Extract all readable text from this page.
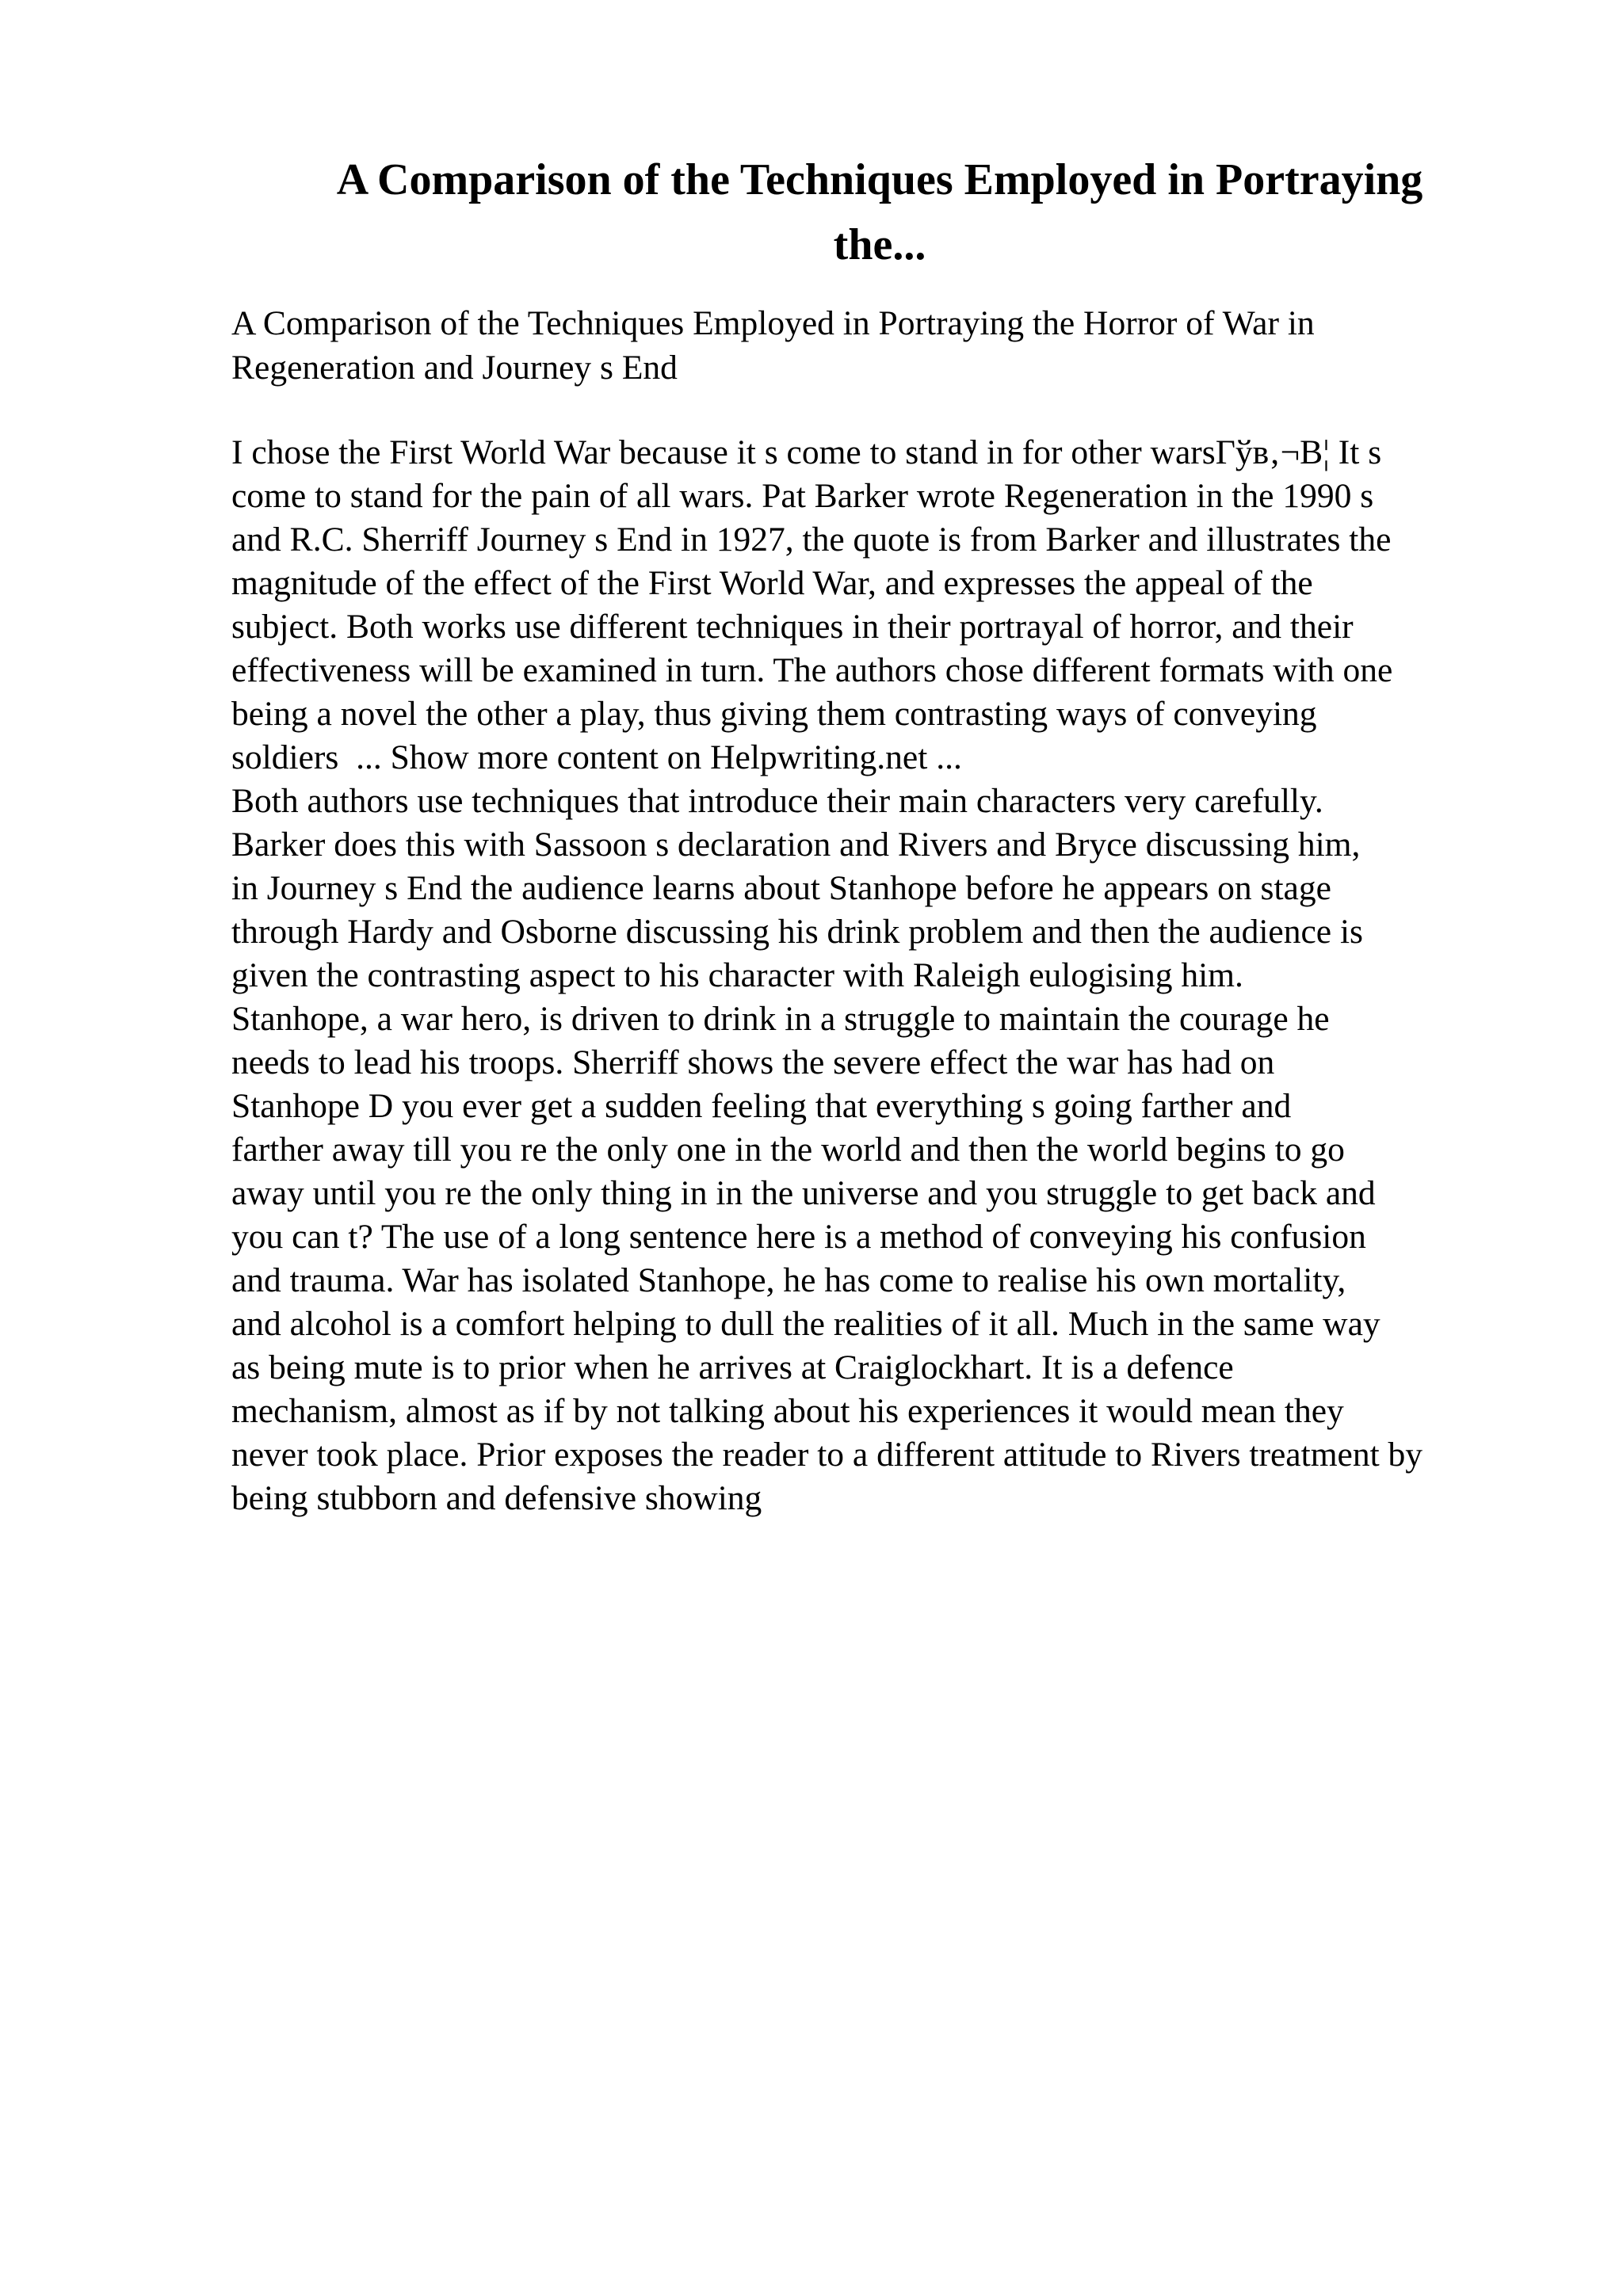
A Comparison of the Techniques Employed in Portraying
the...

A Comparison of the Techniques Employed in Portraying the Horror of War in
Regeneration and Journey s End

I chose the First World War because it s come to stand in for other warsГўв‚¬В¦ It s
come to stand for the pain of all wars. Pat Barker wrote Regeneration in the 1990 s
and R.C. Sherriff Journey s End in 1927, the quote is from Barker and illustrates the
magnitude of the effect of the First World War, and expresses the appeal of the
subject. Both works use different techniques in their portrayal of horror, and their
effectiveness will be examined in turn. The authors chose different formats with one
being a novel the other a play, thus giving them contrasting ways of conveying
soldiers  ... Show more content on Helpwriting.net ...
Both authors use techniques that introduce their main characters very carefully.
Barker does this with Sassoon s declaration and Rivers and Bryce discussing him,
in Journey s End the audience learns about Stanhope before he appears on stage
through Hardy and Osborne discussing his drink problem and then the audience is
given the contrasting aspect to his character with Raleigh eulogising him.
Stanhope, a war hero, is driven to drink in a struggle to maintain the courage he
needs to lead his troops. Sherriff shows the severe effect the war has had on
Stanhope D you ever get a sudden feeling that everything s going farther and
farther away till you re the only one in the world and then the world begins to go
away until you re the only thing in in the universe and you struggle to get back and
you can t? The use of a long sentence here is a method of conveying his confusion
and trauma. War has isolated Stanhope, he has come to realise his own mortality,
and alcohol is a comfort helping to dull the realities of it all. Much in the same way
as being mute is to prior when he arrives at Craiglockhart. It is a defence
mechanism, almost as if by not talking about his experiences it would mean they
never took place. Prior exposes the reader to a different attitude to Rivers treatment by
being stubborn and defensive showing
